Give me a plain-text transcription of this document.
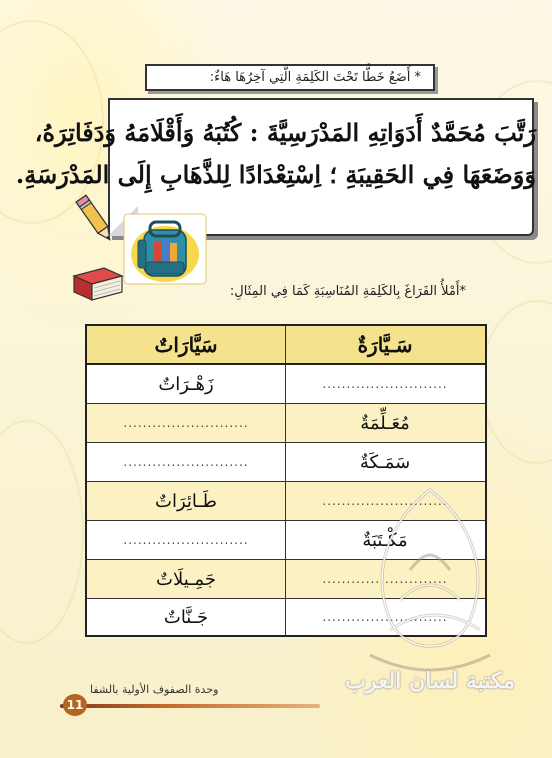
* أَضَعُ خَطًّا تَحْتَ الكَلِمَةِ الَّتِي آخِرُهَا هَاءٌ:
رَتَّبَ مُحَمَّدٌ أَدَوَاتِهِ المَدْرَسِيَّةَ : كُتُبَهُ وَأَقْلَامَهُ وَدَفَاتِرَهُ،
وَوَضَعَهَا فِي الحَقِيبَةِ ؛ اِسْتِعْدَادًا لِلذَّهَابِ إِلَى المَدْرَسَةِ.
*أَمْلأُ الفَرَاغَ بِالكَلِمَةِ المُنَاسِبَةِ كَمَا فِي المِثَالِ:
سَـيَّارَةٌ
سَيَّارَاتٌ
..........................
زَهْـرَاتٌ
مُعَـلِّمَةٌ
..........................
سَمَـكَةٌ
..........................
..........................
طَـائِرَاتٌ
مَكْـتَبَةٌ
..........................
..........................
جَمِـيلَاتٌ
..........................
جَـنَّاتٌ
مكتبة لسان العرب
وحدة الصفوف الأولية بالشفا
11
